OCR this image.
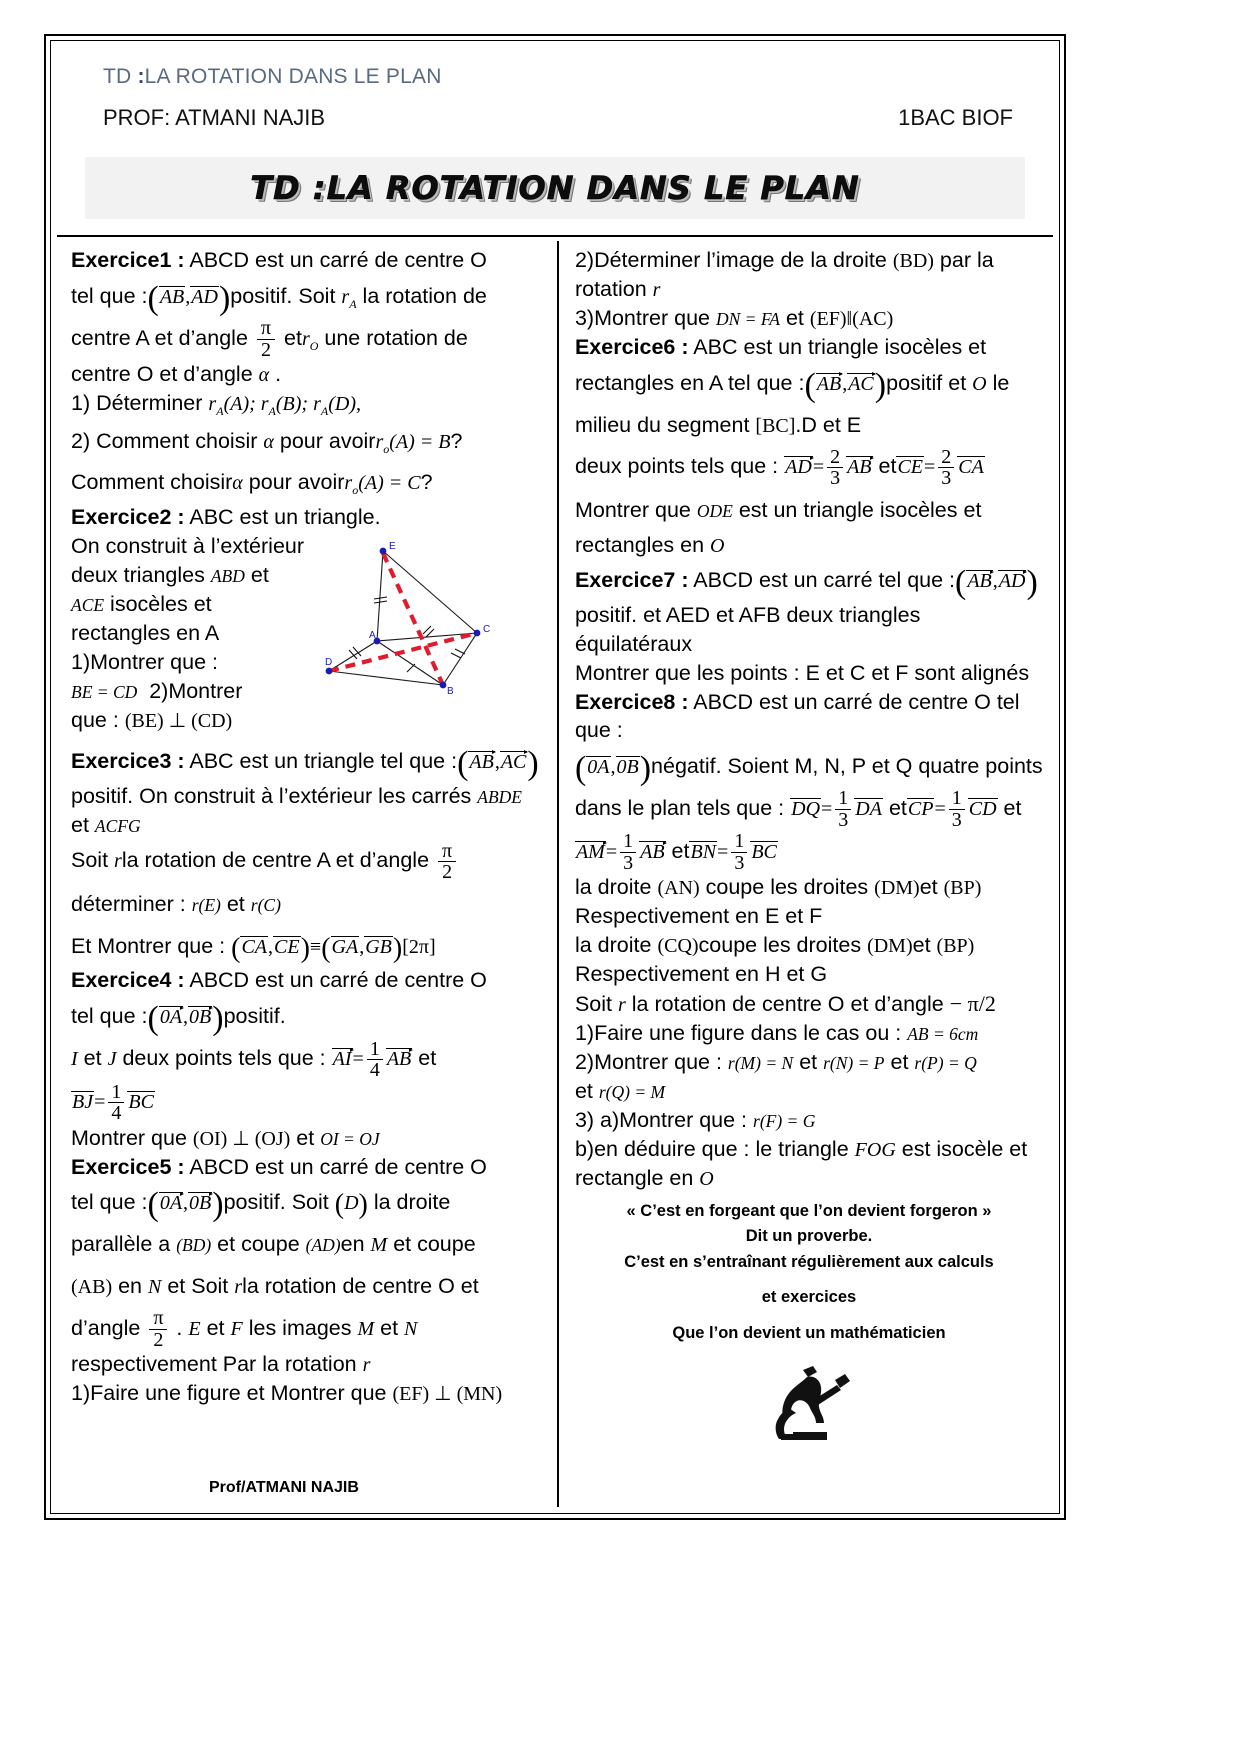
TD :LA ROTATION DANS LE PLAN
PROF: ATMANI NAJIB	1BAC BIOF
TD :LA ROTATION DANS LE PLAN
Exercice1 : ABCD est un carré de centre O
tel que :(AB,AD)positif. Soit $r_A$ la rotation de
centre A et d’angle $\frac{\pi}{2} etr_O$ une rotation de
centre O et d’angle α .
1) Déterminer $r_A(A)$; $r_A(B)$; $r_A(D)$,
2) Comment choisir α pour avoirr$_o$(A) = B?
Comment choisirα pour avoirr$_o$(A) = C?
Exercice2 : ABC est un triangle.
On construit à l’extérieur
deux triangles ABD et
ACE isocèles et
rectangles en A
1)Montrer que :
BE = CD 2)Montrer
que : (BE) ⊥ (CD)
Exercice3 : ABC est un triangle tel que :(AB,AC)
positif. On construit à l’extérieur les carrés ABDE
et ACFG
Soit rla rotation de centre A et d’angle $\frac{\pi}{2}$
déterminer : r(E) et r(C)
Et Montrer que : (CA,CE)≡(GA,GB)[2π]
Exercice4 : ABCD est un carré de centre O
tel que :(0A,0B)positif.
I et J deux points tels que : $AI= \frac{1}{4}$ AB et
$BJ= \frac{1}{4}$ BC
Montrer que (OI) ⊥ (OJ) et OI = OJ
Exercice5 : ABCD est un carré de centre O
tel que :(0A,0B)positif. Soit (D) la droite
parallèle a (BD) et coupe (AD)en M et coupe
(AB) en N et Soit rla rotation de centre O et
d’angle $\frac{\pi}{2}$ . E et F les images M et N
respectivement Par la rotation r
1)Faire une figure et Montrer que (EF) ⊥ (MN)
E
A
C
B
D
2)Déterminer l’image de la droite (BD) par la
rotation r
3)Montrer que DN = FA et (EF)‖(AC)
Exercice6 : ABC est un triangle isocèles et
rectangles en A tel que :(AB,AC)positif et O le
milieu du segment [BC].D et E
deux points tels que : $AD= \frac{2}{3}$ AB etCE= $\frac{2}{3}$ CA
Montrer que ODE est un triangle isocèles et
rectangles en O
Exercice7 : ABCD est un carré tel que :(AB,AD)
positif. et AED et AFB deux triangles
équilatéraux
Montrer que les points : E et C et F sont alignés
Exercice8 : ABCD est un carré de centre O tel que :
(0A,0B)négatif. Soient M, N, P et Q quatre points
dans le plan tels que : $DQ= \frac{1}{3}$ DA etCP= $\frac{1}{3}$ CD et
$AM= \frac{1}{3}$ AB etBN= $\frac{1}{3}$ BC
la droite (AN) coupe les droites (DM)et (BP)
Respectivement en E et F
la droite (CQ)coupe les droites (DM)et (BP)
Respectivement en H et G
Soit r la rotation de centre O et d’angle − π/2
1)Faire une figure dans le cas ou : AB = 6cm
2)Montrer que : r(M) = N et r(N) = P et r(P) = Q
et r(Q) = M
3) a)Montrer que : r(F) = G
b)en déduire que : le triangle FOG est isocèle et
rectangle en O
« C’est en forgeant que l’on devient forgeron »
Dit un proverbe.
C’est en s’entraînant régulièrement aux calculs
et exercices
Que l’on devient un mathématicien
Prof/ATMANI NAJIB
